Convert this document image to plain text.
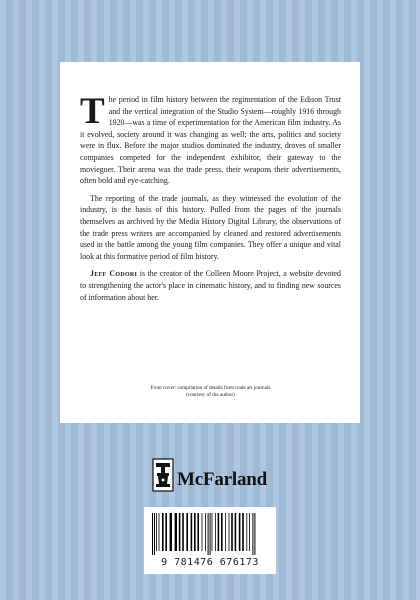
The period in film history between the regimentation of the Edison Trust and the vertical integration of the Studio System—roughly 1916 through 1920—was a time of experimentation for the American film industry. As it evolved, society around it was changing as well; the arts, politics and society were in flux. Before the major studios dominated the industry, droves of smaller companies competed for the independent exhibitor, their gateway to the moviegoer. Their arena was the trade press, their weapons their advertisements, often bold and eye-catching.

The reporting of the trade journals, as they witnessed the evolution of the industry, is the basis of this history. Pulled from the pages of the journals themselves as archived by the Media History Digital Library, the observations of the trade press writers are accompanied by cleaned and restored advertisements used in the battle among the young film companies. They offer a unique and vital look at this formative period of film history.

Jeff Codori is the creator of the Colleen Moore Project, a website devoted to strengthening the actor's place in cinematic history, and to finding new sources of information about her.

Front cover: compilation of details from trade art journals
(courtesy of the author)
McFarland
9 781476 676173
